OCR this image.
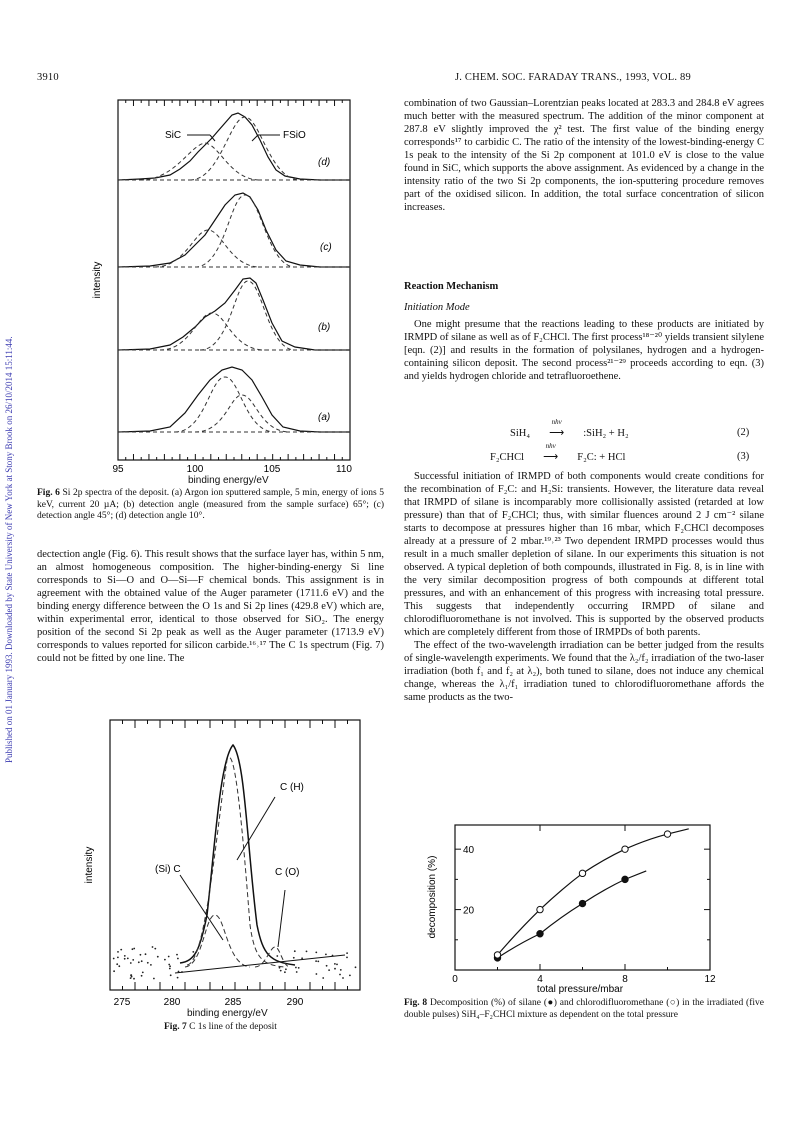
Published on 01 January 1993. Downloaded by State University of New York at Stony Brook on 26/10/2014 15:11:44.
3910	J. CHEM. SOC. FARADAY TRANS., 1993, VOL. 89
intensity
SiC	FSiO
(d)
(c)
(b)
(a)
95	100	105	110
binding energy/eV
Fig. 6 Si 2p spectra of the deposit. (a) Argon ion sputtered sample, 5 min, energy of ions 5 keV, current 20 µA; (b) detection angle (measured from the sample surface) 65°; (c) detection angle 45°; (d) detection angle 10°.

dectection angle (Fig. 6). This result shows that the surface layer has, within 5 nm, an almost homogeneous composition. The higher-binding-energy Si line corresponds to Si—O and O—Si—F chemical bonds. This assignment is in agreement with the obtained value of the Auger parameter (1711.6 eV) and the binding energy difference between the O 1s and Si 2p lines (429.8 eV) which are, within experimental error, identical to those observed for SiO₂. The energy position of the second Si 2p peak as well as the Auger parameter (1713.9 eV) corresponds to values reported for silicon carbide.¹⁶˒¹⁷ The C 1s spectrum (Fig. 7) could not be fitted by one line. The

intensity
C (H)
(Si) C	C (O)
275	280	285	290
binding energy/eV
Fig. 7 C 1s line of the deposit

combination of two Gaussian–Lorentzian peaks located at 283.3 and 284.8 eV agrees much better with the measured spectrum. The addition of the minor component at 287.8 eV slightly improved the χ² test. The first value of the binding energy corresponds¹⁷ to carbidic C. The ratio of the intensity of the lowest-binding-energy C 1s peak to the intensity of the Si 2p component at 101.0 eV is close to the value found in SiC, which supports the above assignment. As evidenced by a change in the intensity ratio of the two Si 2p components, the ion-sputtering procedure removes part of the oxidised silicon. In addition, the total surface concentration of silicon increases.

Reaction Mechanism
Initiation Mode

One might presume that the reactions leading to these products are initiated by IRMPD of silane as well as of F₂CHCl. The first process¹⁸⁻²⁰ yields transient silylene [eqn. (2)] and results in the formation of polysilanes, hydrogen and a hydrogen-containing silicon deposit. The second process²¹⁻²⁹ proceeds according to eqn. (3) and yields hydrogen chloride and tetrafluoroethene.

SiH₄
nhν
⟶ :SiH₂ + H₂	(2)
F₂CHCl
nhν
⟶ F₂C: + HCl	(3)

Successful initiation of IRMPD of both components would create conditions for the recombination of F₂C: and H₂Si: transients. However, the literature data reveal that IRMPD of silane is incomparably more collisionally assisted (retarded at low pressure) than that of F₂CHCl; thus, with similar fluences around 2 J cm⁻² silane starts to decompose at pressures higher than 16 mbar, which F₂CHCl decomposes already at a pressure of 2 mbar.¹⁹˒²³ Two dependent IRMPD processes would thus result in a much smaller depletion of silane. In our experiments this situation is not observed. A typical depletion of both compounds, illustrated in Fig. 8, is in line with the very similar decomposition progress of both compounds at different total pressures, and with an enhancement of this progress with increasing total pressure. This suggests that independently occurring IRMPD of silane and chlorodifluoromethane is not involved. This is supported by the observed products which are completely different from those of IRMPDs of both parents.

The effect of the two-wavelength irradiation can be better judged from the results of single-wavelength experiments. We found that the λ₂/f₂ irradiation of the two-laser irradiation (both f₁ and f₂ at λ₂), both tuned to silane, does not induce any chemical change, whereas the λ₁/f₁ irradiation tuned to chlorodifluoromethane affords the same products as the two-

decomposition (%)
0	4	8	12
20
40
total pressure/mbar
Fig. 8 Decomposition (%) of silane (●) and chlorodifluoromethane (○) in the irradiated (five double pulses) SiH₄–F₂CHCl mixture as dependent on the total pressure
